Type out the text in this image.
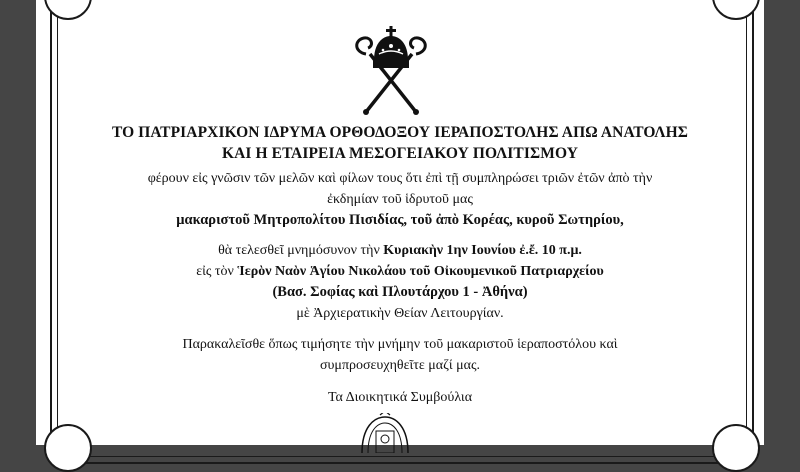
ΤΟ ΠΑΤΡΙΑΡΧΙΚΟΝ ΙΔΡΥΜΑ ΟΡΘΟΔΟΞΟΥ ΙΕΡΑΠΟΣΤΟΛΗΣ ΑΠΩ ΑΝΑΤΟΛΗΣ
ΚΑΙ Η ΕΤΑΙΡΕΙΑ ΜΕΣΟΓΕΙΑΚΟΥ ΠΟΛΙΤΙΣΜΟΥ
φέρουν εἰς γνῶσιν τῶν μελῶν καὶ φίλων τους ὅτι ἐπὶ τῇ συμπληρώσει τριῶν ἐτῶν ἀπὸ τὴν
ἐκδημίαν τοῦ ἱδρυτοῦ μας
μακαριστοῦ Μητροπολίτου Πισιδίας, τοῦ ἀπὸ Κορέας, κυροῦ Σωτηρίου,
θὰ τελεσθεῖ μνημόσυνον τὴν Κυριακὴν 1ην Ιουνίου ἐ.ἔ. 10 π.μ.
εἰς τὸν Ἱερὸν Ναὸν Ἁγίου Νικολάου τοῦ Οἰκουμενικοῦ Πατριαρχείου
(Βασ. Σοφίας καὶ Πλουτάρχου 1 - Ἀθήνα)
μὲ Ἀρχιερατικὴν Θείαν Λειτουργίαν.
Παρακαλεῖσθε ὅπως τιμήσητε τὴν μνήμην τοῦ μακαριστοῦ ἱεραποστόλου καὶ
συμπροσευχηθεῖτε μαζί μας.
Τα Διοικητικά Συμβούλια
